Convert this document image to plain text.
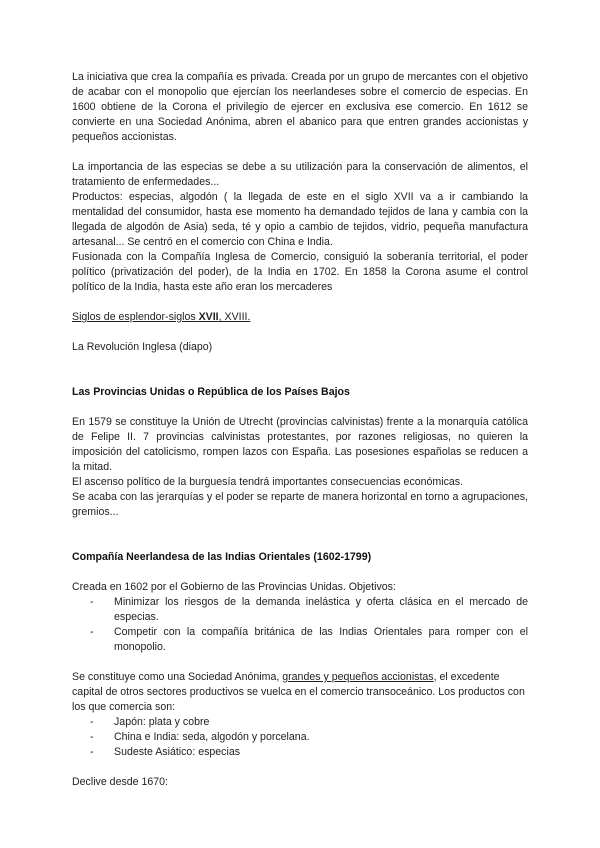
La iniciativa que crea la compañía es privada. Creada por un grupo de mercantes con el objetivo de acabar con el monopolio que ejercían los neerlandeses sobre el comercio de especias. En 1600 obtiene de la Corona el privilegio de ejercer en exclusiva ese comercio. En 1612 se convierte en una Sociedad Anónima, abren el abanico para que entren grandes accionistas y pequeños accionistas.

La importancia de las especias se debe a su utilización para la conservación de alimentos, el tratamiento de enfermedades...

Productos: especias, algodón ( la llegada de este en el siglo XVII va a ir cambiando la mentalidad del consumidor, hasta ese momento ha demandado tejidos de lana y cambia con la llegada de algodón de Asia) seda, té y opio a cambio de tejidos, vidrio, pequeña manufactura artesanal... Se centró en el comercio con China e India.

Fusionada con la Compañía Inglesa de Comercio, consiguió la soberanía territorial, el poder político (privatización del poder), de la India en 1702. En 1858 la Corona asume el control político de la India, hasta este año eran los mercaderes

Siglos de esplendor-siglos XVII, XVIII.

La Revolución Inglesa (diapo)

Las Provincias Unidas o República de los Países Bajos

En 1579 se constituye la Unión de Utrecht (provincias calvinistas) frente a la monarquía católica de Felipe II. 7 provincias calvinistas protestantes, por razones religiosas, no quieren la imposición del catolicismo, rompen lazos con España. Las posesiones españolas se reducen a la mitad.

El ascenso político de la burguesía tendrá importantes consecuencias económicas.

Se acaba con las jerarquías y el poder se reparte de manera horizontal en torno a agrupaciones, gremios...

Compañía Neerlandesa de las Indias Orientales (1602-1799)

Creada en 1602 por el Gobierno de las Provincias Unidas. Objetivos:

- Minimizar los riesgos de la demanda inelástica y oferta clásica en el mercado de especias.
- Competir con la compañía británica de las Indias Orientales para romper con el monopolio.

Se constituye como una Sociedad Anónima, grandes y pequeños accionistas, el excedente capital de otros sectores productivos se vuelca en el comercio transoceánico. Los productos con los que comercia son:

- Japón: plata y cobre
- China e India: seda, algodón y porcelana.
- Sudeste Asiático: especias

Declive desde 1670:
